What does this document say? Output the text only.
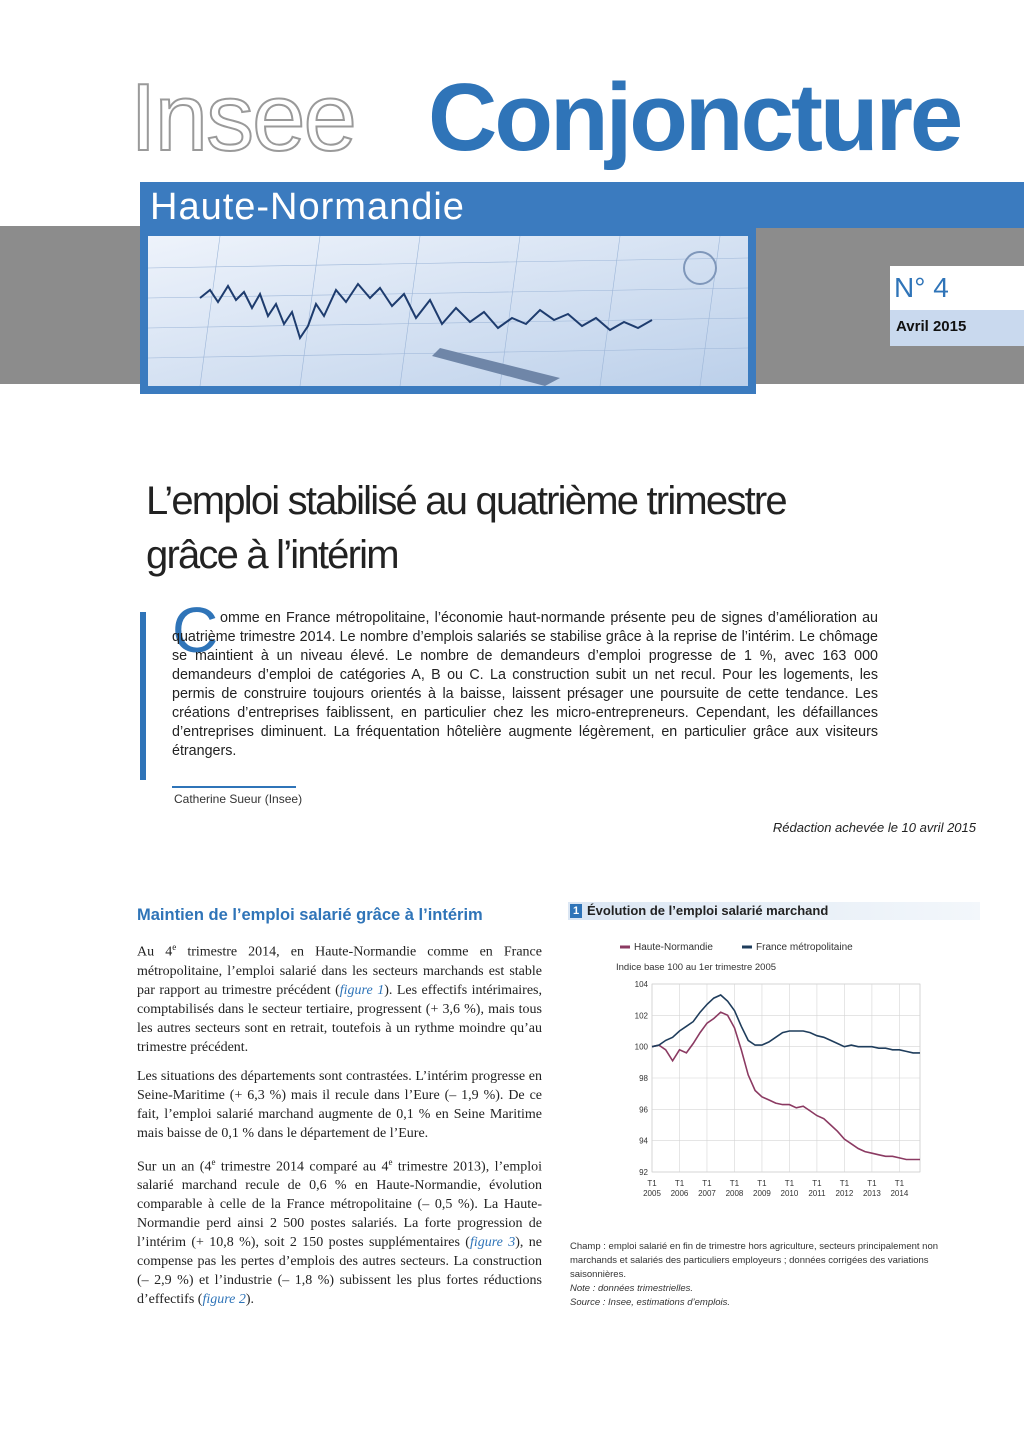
Insee Conjoncture
Haute-Normandie
N° 4
Avril 2015
L’emploi stabilisé au quatrième trimestre grâce à l’intérim
C omme en France métropolitaine, l’économie haut-normande présente peu de signes d’amélioration au quatrième trimestre 2014. Le nombre d’emplois salariés se stabilise grâce à la reprise de l’intérim. Le chômage se maintient à un niveau élevé. Le nombre de demandeurs d’emploi progresse de 1 %, avec 163 000 demandeurs d’emploi de catégories A, B ou C. La construction subit un net recul. Pour les logements, les permis de construire toujours orientés à la baisse, laissent présager une poursuite de cette tendance. Les créations d’entreprises faiblissent, en particulier chez les micro-entrepreneurs. Cependant, les défaillances d’entreprises diminuent. La fréquentation hôtelière augmente légèrement, en particulier grâce aux visiteurs étrangers.
Catherine Sueur (Insee)
Rédaction achevée le 10 avril 2015
Maintien de l’emploi salarié grâce à l’intérim

Au 4e trimestre 2014, en Haute-Normandie comme en France métropolitaine, l’emploi salarié dans les secteurs marchands est stable par rapport au trimestre précédent (figure 1). Les effectifs intérimaires, comptabilisés dans le secteur tertiaire, progressent (+ 3,6 %), mais tous les autres secteurs sont en retrait, toutefois à un rythme moindre qu’au trimestre précédent.

Les situations des départements sont contrastées. L’intérim progresse en Seine-Maritime (+ 6,3 %) mais il recule dans l’Eure (– 1,9 %). De ce fait, l’emploi salarié marchand augmente de 0,1 % en Seine Maritime mais baisse de 0,1 % dans le département de l’Eure.

Sur un an (4e trimestre 2014 comparé au 4e trimestre 2013), l’emploi salarié marchand recule de 0,6 % en Haute-Normandie, évolution comparable à celle de la France métropolitaine (– 0,5 %). La Haute-Normandie perd ainsi 2 500 postes salariés. La forte progression de l’intérim (+ 10,8 %), soit 2 150 postes supplémentaires (figure 3), ne compense pas les pertes d’emplois des autres secteurs. La construction (– 2,9 %) et l’industrie (– 1,8 %) subissent les plus fortes réductions d’effectifs (figure 2).

1 Évolution de l’emploi salarié marchand
Haute-Normandie	France métropolitaine
Indice base 100 au 1er trimestre 2005
104
102
100
98
96
94
92
T1
2005
T1
2006
T1
2007
T1
2008
T1
2009
T1
2010
T1
2011
T1
2012
T1
2013
T1
2014
Champ : emploi salarié en fin de trimestre hors agriculture, secteurs principalement non marchands et salariés des particuliers employeurs ; données corrigées des variations saisonnières.
Note : données trimestrielles.
Source : Insee, estimations d’emplois.
